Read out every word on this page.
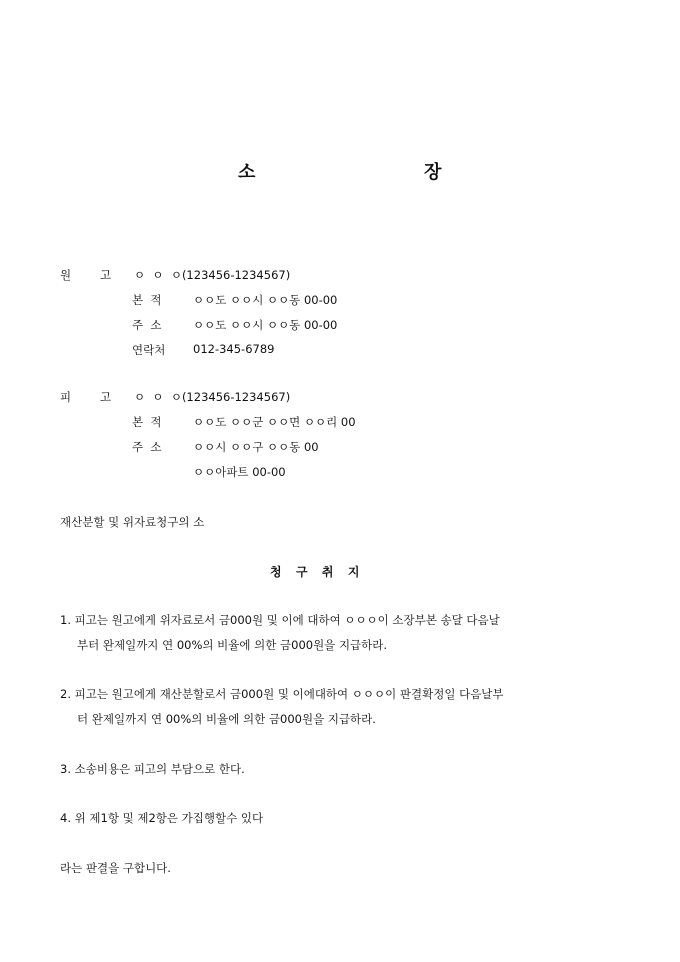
소	장
원	고 ㅇ  ㅇ  ㅇ(123456-1234567)
본  적	ㅇㅇ도 ㅇㅇ시 ㅇㅇ동 00-00
주  소	ㅇㅇ도 ㅇㅇ시 ㅇㅇ동 00-00
연락처 012-345-6789
피	고 ㅇ  ㅇ  ㅇ(123456-1234567)
본  적	ㅇㅇ도 ㅇㅇ군 ㅇㅇ면 ㅇㅇ리 00
주  소	ㅇㅇ시 ㅇㅇ구 ㅇㅇ동 00
ㅇㅇ아파트 00-00
재산분할 및 위자료청구의 소
청  구  취  지
1. 피고는 원고에게 위자료로서 금000원 및 이에 대하여 ㅇㅇㅇ이 소장부본 송달 다음날
부터 완제일까지 연 00%의 비율에 의한 금000원을 지급하라.
2. 피고는 원고에게 재산분할로서 금000원 및 이에대하여 ㅇㅇㅇ이 판결확정일 다음날부
터 완제일까지 연 00%의 비율에 의한 금000원을 지급하라.
3. 소송비용은 피고의 부담으로 한다.
4. 위 제1항 및 제2항은 가집행할수 있다
라는 판결을 구합니다.
